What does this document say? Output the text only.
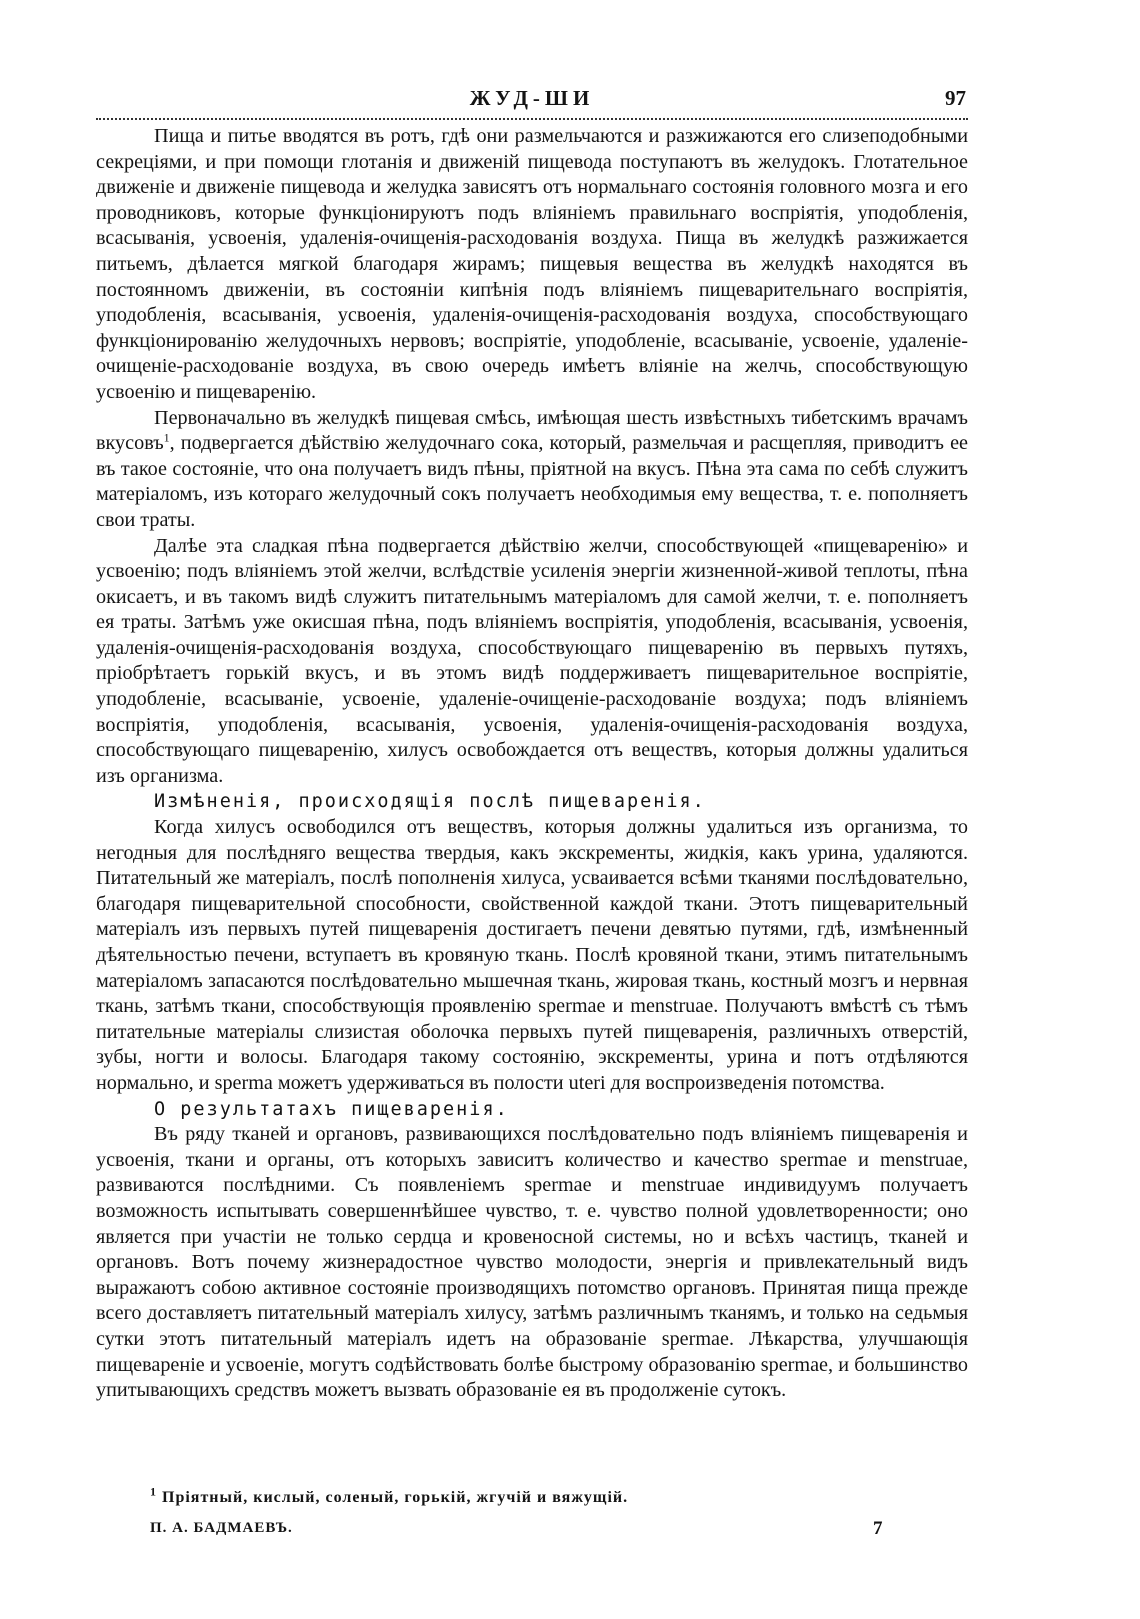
ЖУД-ШИ	97

Пища и питье вводятся въ ротъ, гдѣ они размельчаются и разжижаются его слизеподобными секреціями, и при помощи глотанія и движеній пищевода поступаютъ въ желудокъ. Глотательное движеніе и движеніе пищевода и желудка зависятъ отъ нормальнаго состоянія головного мозга и его проводниковъ, которые функціонируютъ подъ вліяніемъ правильнаго воспріятія, уподобленія, всасыванія, усвоенія, удаленія-очищенія-расходованія воздуха. Пища въ желудкѣ разжижается питьемъ, дѣлается мягкой благодаря жирамъ; пищевыя вещества въ желудкѣ находятся въ постоянномъ движеніи, въ состояніи кипѣнія подъ вліяніемъ пищеварительнаго воспріятія, уподобленія, всасыванія, усвоенія, удаленія-очищенія-расходованія воздуха, способствующаго функціонированію желудочныхъ нервовъ; воспріятіе, уподобленіе, всасываніе, усвоеніе, удаленіе-очищеніе-расходованіе воздуха, въ свою очередь имѣетъ вліяніе на желчь, способствующую усвоенію и пищеваренію.

Первоначально въ желудкѣ пищевая смѣсь, имѣющая шесть извѣстныхъ тибетскимъ врачамъ вкусовъ$^1$, подвергается дѣйствію желудочнаго сока, который, размельчая и расщепляя, приводитъ ее въ такое состояніе, что она получаетъ видъ пѣны, пріятной на вкусъ. Пѣна эта сама по себѣ служитъ матеріаломъ, изъ котораго желудочный сокъ получаетъ необходимыя ему вещества, т. е. пополняетъ свои траты.

Далѣе эта сладкая пѣна подвергается дѣйствію желчи, способствующей «пищеваренію» и усвоенію; подъ вліяніемъ этой желчи, вслѣдствіе усиленія энергіи жизненной-живой теплоты, пѣна окисаетъ, и въ такомъ видѣ служитъ питательнымъ матеріаломъ для самой желчи, т. е. пополняетъ ея траты. Затѣмъ уже окисшая пѣна, подъ вліяніемъ воспріятія, уподобленія, всасыванія, усвоенія, удаленія-очищенія-расходованія воздуха, способствующаго пищеваренію въ первыхъ путяхъ, пріобрѣтаетъ горькій вкусъ, и въ этомъ видѣ поддерживаетъ пищеварительное воспріятіе, уподобленіе, всасываніе, усвоеніе, удаленіе-очищеніе-расходованіе воздуха; подъ вліяніемъ воспріятія, уподобленія, всасыванія, усвоенія, удаленія-очищенія-расходованія воздуха, способствующаго пищеваренію, хилусъ освобождается отъ веществъ, которыя должны удалиться изъ организма.

Измѣненія, происходящія послѣ пищеваренія.

Когда хилусъ освободился отъ веществъ, которыя должны удалиться изъ организма, то негодныя для послѣдняго вещества твердыя, какъ экскременты, жидкія, какъ урина, удаляются. Питательный же матеріалъ, послѣ пополненія хилуса, усваивается всѣми тканями послѣдовательно, благодаря пищеварительной способности, свойственной каждой ткани. Этотъ пищеварительный матеріалъ изъ первыхъ путей пищеваренія достигаетъ печени девятью путями, гдѣ, измѣненный дѣятельностью печени, вступаетъ въ кровяную ткань. Послѣ кровяной ткани, этимъ питательнымъ матеріаломъ запасаются послѣдовательно мышечная ткань, жировая ткань, костный мозгъ и нервная ткань, затѣмъ ткани, способствующія проявленію spermae и menstruae. Получаютъ вмѣстѣ съ тѣмъ питательные матеріалы слизистая оболочка первыхъ путей пищеваренія, различныхъ отверстій, зубы, ногти и волосы. Благодаря такому состоянію, экскременты, урина и потъ отдѣляются нормально, и sperma можетъ удерживаться въ полости uteri для воспроизведенія потомства.

О результатахъ пищеваренія.

Въ ряду тканей и органовъ, развивающихся послѣдовательно подъ вліяніемъ пищеваренія и усвоенія, ткани и органы, отъ которыхъ зависитъ количество и качество spermae и menstruae, развиваются послѣдними. Съ появленіемъ spermae и menstruae индивидуумъ получаетъ возможность испытывать совершеннѣйшее чувство, т. е. чувство полной удовлетворенности; оно является при участіи не только сердца и кровеносной системы, но и всѣхъ частицъ, тканей и органовъ. Вотъ почему жизнерадостное чувство молодости, энергія и привлекательный видъ выражаютъ собою активное состояніе производящихъ потомство органовъ. Принятая пища прежде всего доставляетъ питательный матеріалъ хилусу, затѣмъ различнымъ тканямъ, и только на седьмыя сутки этотъ питательный матеріалъ идетъ на образованіе spermae. Лѣкарства, улучшающія пищевареніе и усвоеніе, могутъ содѣйствовать болѣе быстрому образованію spermae, и большинство упитывающихъ средствъ можетъ вызвать образованіе ея въ продолженіе сутокъ.

$^1$ Пріятный, кислый, соленый, горькій, жгучій и вяжущій.
П. А. БАДМАЕВЪ.	7
